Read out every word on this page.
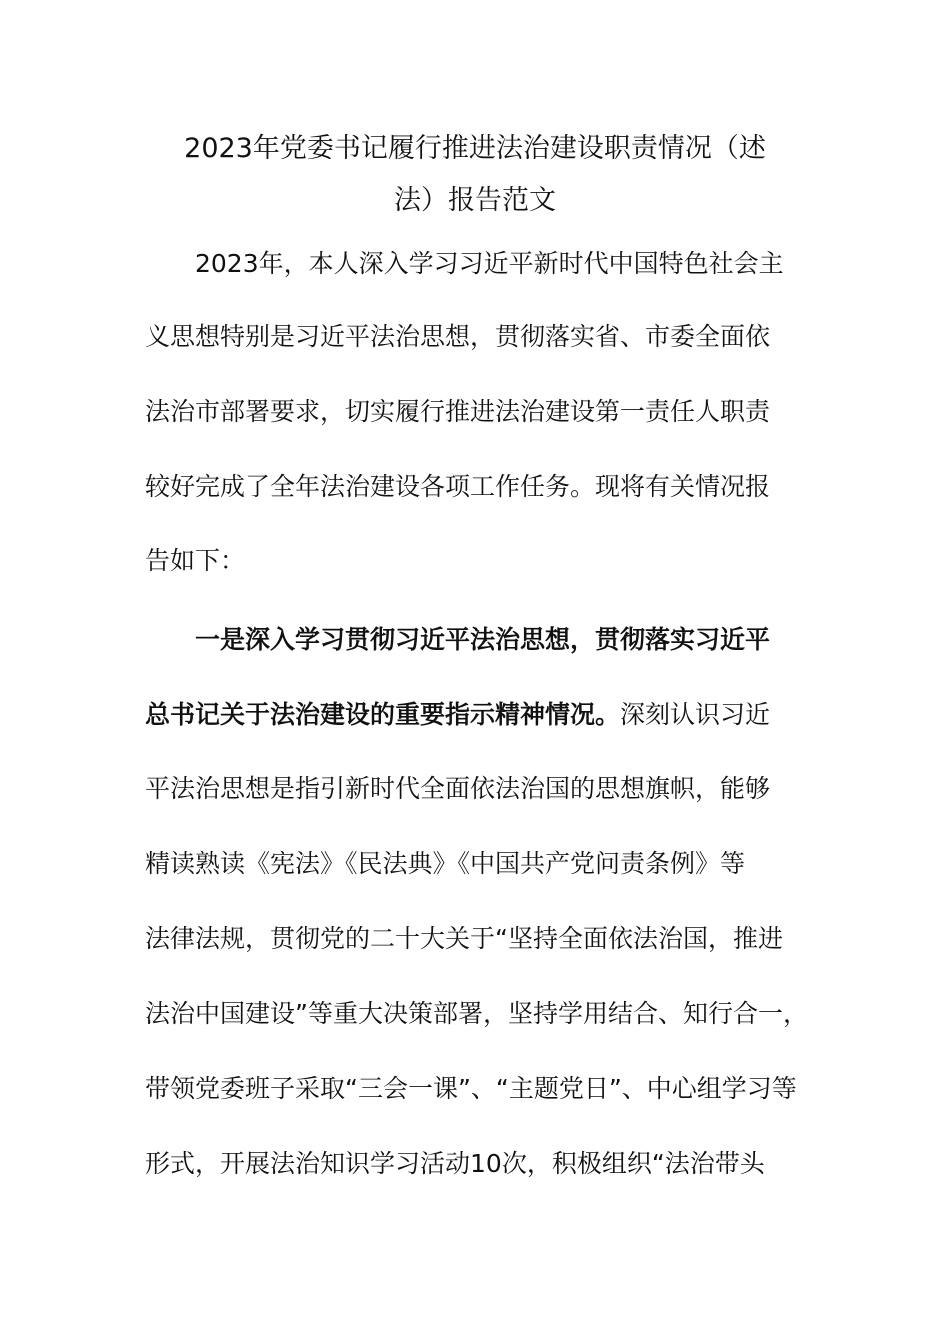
2023年党委书记履行推进法治建设职责情况（述
法）报告范文
2023年，本人深入学习习近平新时代中国特色社会主
义思想特别是习近平法治思想，贯彻落实省、市委全面依
法治市部署要求，切实履行推进法治建设第一责任人职责
较好完成了全年法治建设各项工作任务。现将有关情况报
告如下：
一是深入学习贯彻习近平法治思想，贯彻落实习近平
总书记关于法治建设的重要指示精神情况。深刻认识习近
平法治思想是指引新时代全面依法治国的思想旗帜，能够
精读熟读《宪法》《民法典》《中国共产党问责条例》等
法律法规，贯彻党的二十大关于“坚持全面依法治国，推进
法治中国建设”等重大决策部署，坚持学用结合、知行合一，
带领党委班子采取“三会一课”、“主题党日”、中心组学习等
形式，开展法治知识学习活动10次，积极组织“法治带头
